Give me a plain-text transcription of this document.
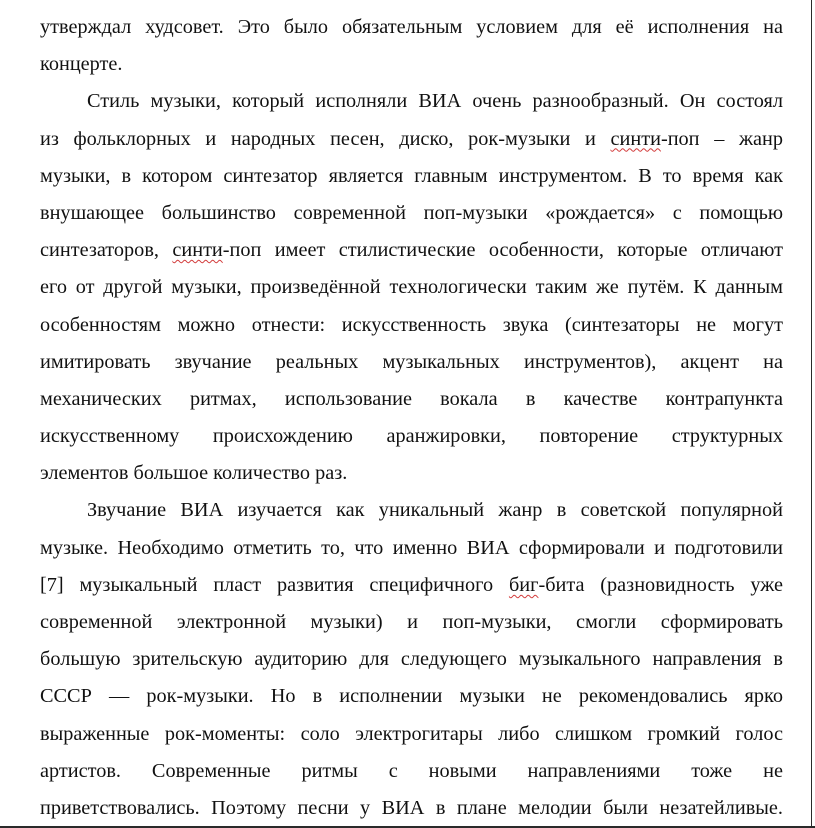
утверждал худсовет. Это было обязательным условием для её исполнения на
концерте.
Стиль музыки, который исполняли ВИА очень разнообразный. Он состоял
из фольклорных и народных песен, диско, рок-музыки и синти-поп – жанр
музыки, в котором синтезатор является главным инструментом. В то время как
внушающее большинство современной поп-музыки «рождается» с помощью
синтезаторов, синти-поп имеет стилистические особенности, которые отличают
его от другой музыки, произведённой технологически таким же путём. К данным
особенностям можно отнести: искусственность звука (синтезаторы не могут
имитировать звучание реальных музыкальных инструментов), акцент на
механических ритмах, использование вокала в качестве контрапункта
искусственному происхождению аранжировки, повторение структурных
элементов большое количество раз.
Звучание ВИА изучается как уникальный жанр в советской популярной
музыке. Необходимо отметить то, что именно ВИА сформировали и подготовили
[7] музыкальный пласт развития специфичного биг-бита (разновидность уже
современной электронной музыки) и поп-музыки, смогли сформировать
большую зрительскую аудиторию для следующего музыкального направления в
СССР — рок-музыки. Но в исполнении музыки не рекомендовались ярко
выраженные рок-моменты: соло электрогитары либо слишком громкий голос
артистов. Современные ритмы с новыми направлениями тоже не
приветствовались. Поэтому песни у ВИА в плане мелодии были незатейливые.
